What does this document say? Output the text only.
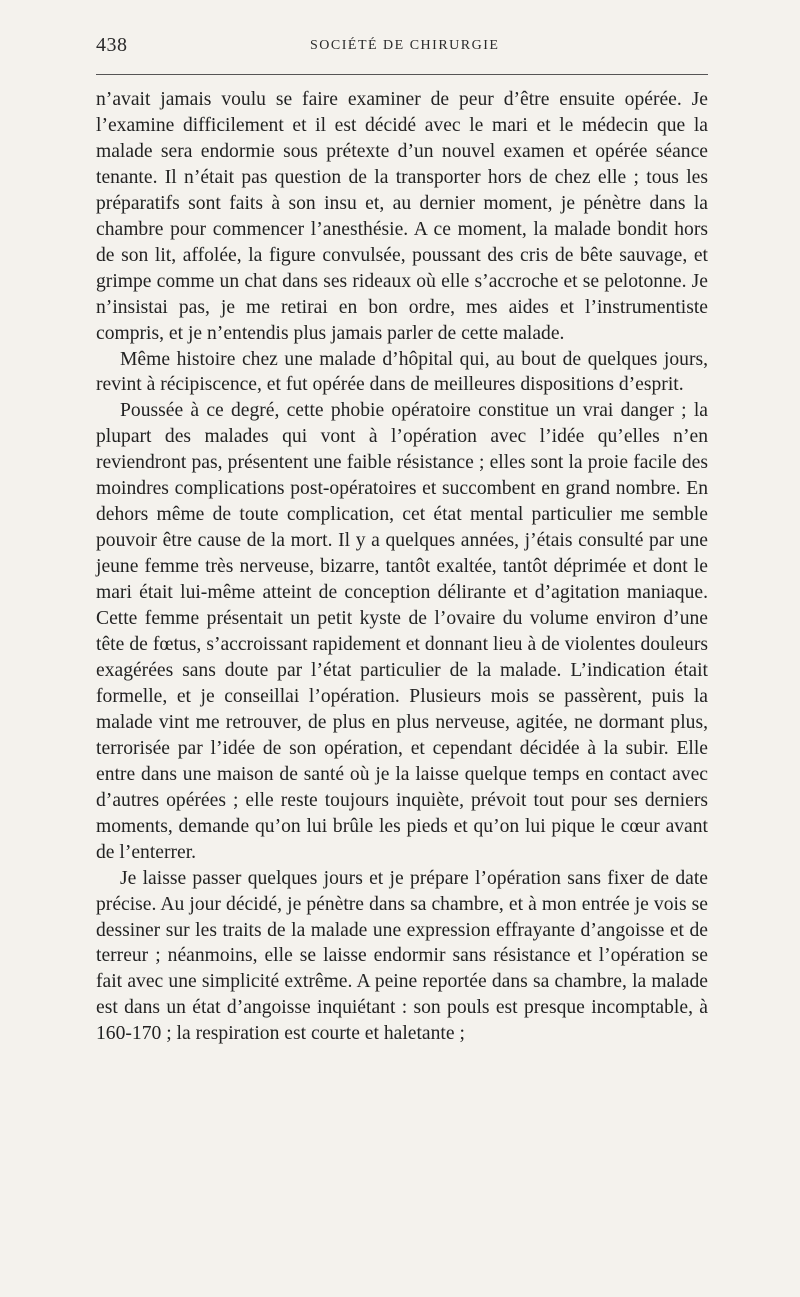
438	SOCIÉTÉ DE CHIRURGIE

n’avait jamais voulu se faire examiner de peur d’être ensuite opérée. Je l’examine difficilement et il est décidé avec le mari et le médecin que la malade sera endormie sous prétexte d’un nouvel examen et opérée séance tenante. Il n’était pas question de la transporter hors de chez elle ; tous les préparatifs sont faits à son insu et, au dernier moment, je pénètre dans la chambre pour commencer l’anesthésie. A ce moment, la malade bondit hors de son lit, affolée, la figure convulsée, poussant des cris de bête sauvage, et grimpe comme un chat dans ses rideaux où elle s’accroche et se pelotonne. Je n’insistai pas, je me retirai en bon ordre, mes aides et l’instrumentiste compris, et je n’entendis plus jamais parler de cette malade.

Même histoire chez une malade d’hôpital qui, au bout de quelques jours, revint à récipiscence, et fut opérée dans de meilleures dispositions d’esprit.

Poussée à ce degré, cette phobie opératoire constitue un vrai danger ; la plupart des malades qui vont à l’opération avec l’idée qu’elles n’en reviendront pas, présentent une faible résistance ; elles sont la proie facile des moindres complications post-opératoires et succombent en grand nombre. En dehors même de toute complication, cet état mental particulier me semble pouvoir être cause de la mort. Il y a quelques années, j’étais consulté par une jeune femme très nerveuse, bizarre, tantôt exaltée, tantôt déprimée et dont le mari était lui-même atteint de conception délirante et d’agitation maniaque. Cette femme présentait un petit kyste de l’ovaire du volume environ d’une tête de fœtus, s’accroissant rapidement et donnant lieu à de violentes douleurs exagérées sans doute par l’état particulier de la malade. L’indication était formelle, et je conseillai l’opération. Plusieurs mois se passèrent, puis la malade vint me retrouver, de plus en plus nerveuse, agitée, ne dormant plus, terrorisée par l’idée de son opération, et cependant décidée à la subir. Elle entre dans une maison de santé où je la laisse quelque temps en contact avec d’autres opérées ; elle reste toujours inquiète, prévoit tout pour ses derniers moments, demande qu’on lui brûle les pieds et qu’on lui pique le cœur avant de l’enterrer.

Je laisse passer quelques jours et je prépare l’opération sans fixer de date précise. Au jour décidé, je pénètre dans sa chambre, et à mon entrée je vois se dessiner sur les traits de la malade une expression effrayante d’angoisse et de terreur ; néanmoins, elle se laisse endormir sans résistance et l’opération se fait avec une simplicité extrême. A peine reportée dans sa chambre, la malade est dans un état d’angoisse inquiétant : son pouls est presque incomptable, à 160-170 ; la respiration est courte et haletante ;
